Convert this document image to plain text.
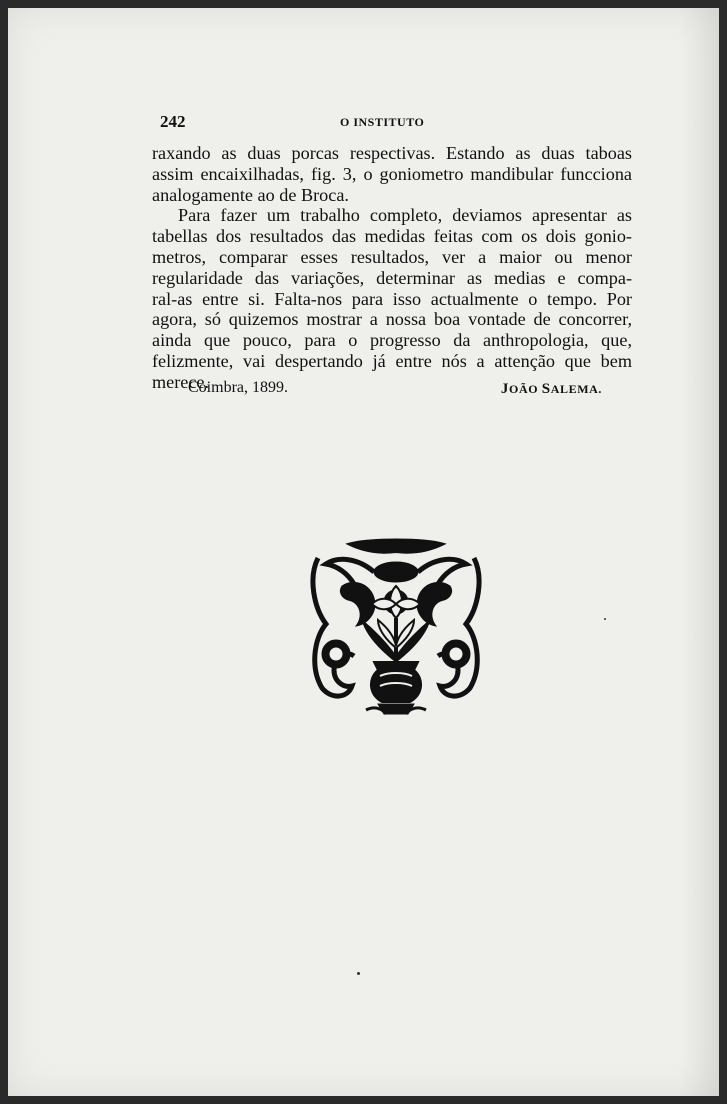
242	O INSTITUTO
raxando as duas porcas respectivas. Estando as duas taboas
assim encaixilhadas, fig. 3, o goniometro mandibular funcciona
analogamente ao de Broca.
Para fazer um trabalho completo, deviamos apresentar as
tabellas dos resultados das medidas feitas com os dois gonio-
metros, comparar esses resultados, ver a maior ou menor
regularidade das variações, determinar as medias e compa-
ral-as entre si. Falta-nos para isso actualmente o tempo. Por
agora, só quizemos mostrar a nossa boa vontade de concorrer,
ainda que pouco, para o progresso da anthropologia, que,
felizmente, vai despertando já entre nós a attenção que bem
merece.
Coimbra, 1899.	JOÃO SALEMA.
